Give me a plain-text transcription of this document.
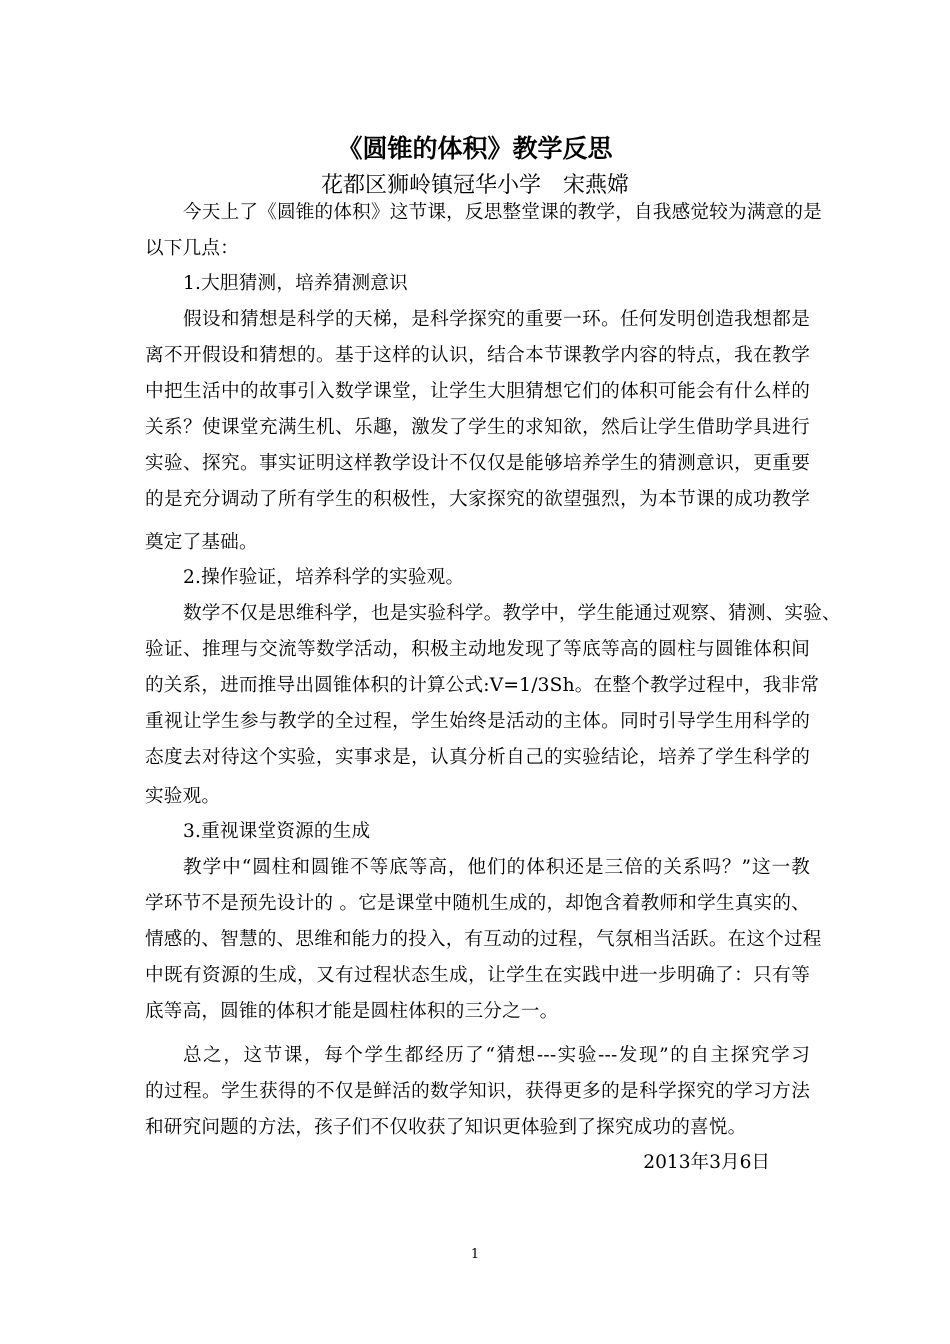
《圆锥的体积》教学反思
花都区狮岭镇冠华小学　宋燕嫦
今天上了《圆锥的体积》这节课，反思整堂课的教学，自我感觉较为满意的是
以下几点：
1.大胆猜测，培养猜测意识
假设和猜想是科学的天梯，是科学探究的重要一环。任何发明创造我想都是
离不开假设和猜想的。基于这样的认识，结合本节课教学内容的特点，我在教学
中把生活中的故事引入数学课堂，让学生大胆猜想它们的体积可能会有什么样的
关系？使课堂充满生机、乐趣，激发了学生的求知欲，然后让学生借助学具进行
实验、探究。事实证明这样教学设计不仅仅是能够培养学生的猜测意识，更重要
的是充分调动了所有学生的积极性，大家探究的欲望强烈，为本节课的成功教学
奠定了基础。
2.操作验证，培养科学的实验观。
数学不仅是思维科学，也是实验科学。教学中，学生能通过观察、猜测、实验、
验证、推理与交流等数学活动，积极主动地发现了等底等高的圆柱与圆锥体积间
的关系，进而推导出圆锥体积的计算公式:V=1/3Sh。在整个教学过程中，我非常
重视让学生参与教学的全过程，学生始终是活动的主体。同时引导学生用科学的
态度去对待这个实验，实事求是，认真分析自己的实验结论，培养了学生科学的
实验观。
3.重视课堂资源的生成
教学中“圆柱和圆锥不等底等高，他们的体积还是三倍的关系吗？”这一教
学环节不是预先设计的 。它是课堂中随机生成的，却饱含着教师和学生真实的、
情感的、智慧的、思维和能力的投入，有互动的过程，气氛相当活跃。在这个过程
中既有资源的生成，又有过程状态生成，让学生在实践中进一步明确了：只有等
底等高，圆锥的体积才能是圆柱体积的三分之一。
总之，这节课，每个学生都经历了“猜想---实验---发现”的自主探究学习
的过程。学生获得的不仅是鲜活的数学知识，获得更多的是科学探究的学习方法
和研究问题的方法，孩子们不仅收获了知识更体验到了探究成功的喜悦。
2013年3月6日
1
